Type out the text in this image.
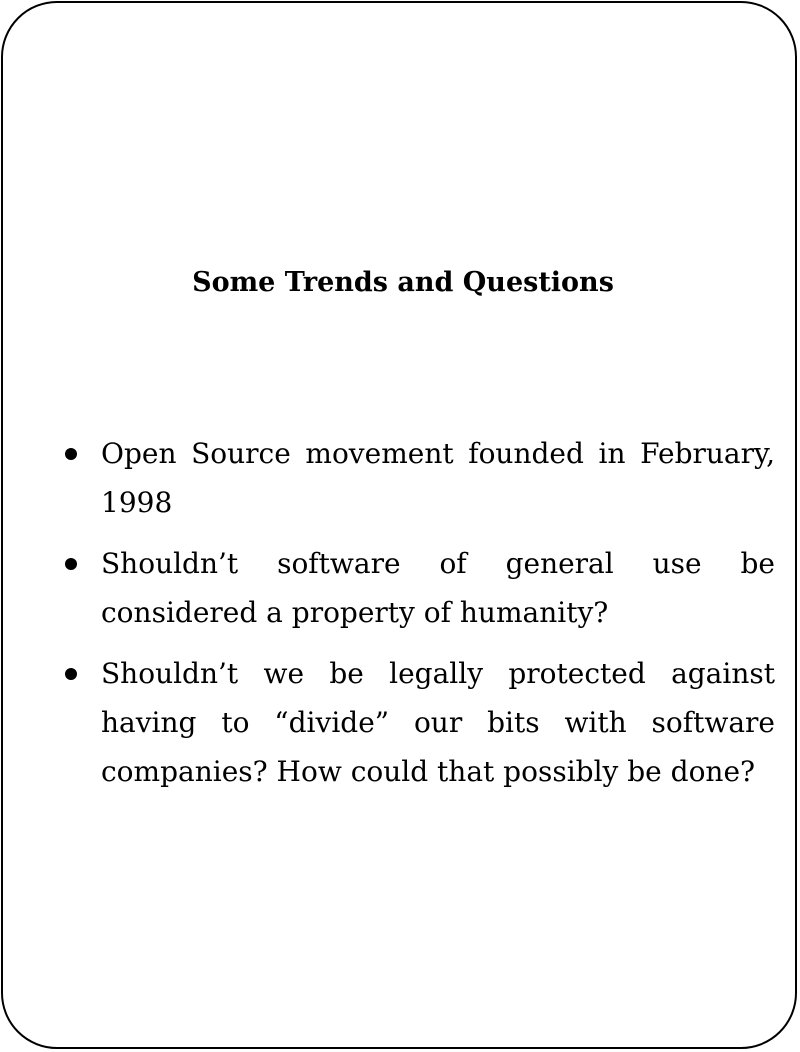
Some Trends and Questions
Open Source movement founded in February, 1998
Shouldn’t software of general use be considered a property of humanity?
Shouldn’t we be legally protected against having to “divide” our bits with software companies? How could that possibly be done?
